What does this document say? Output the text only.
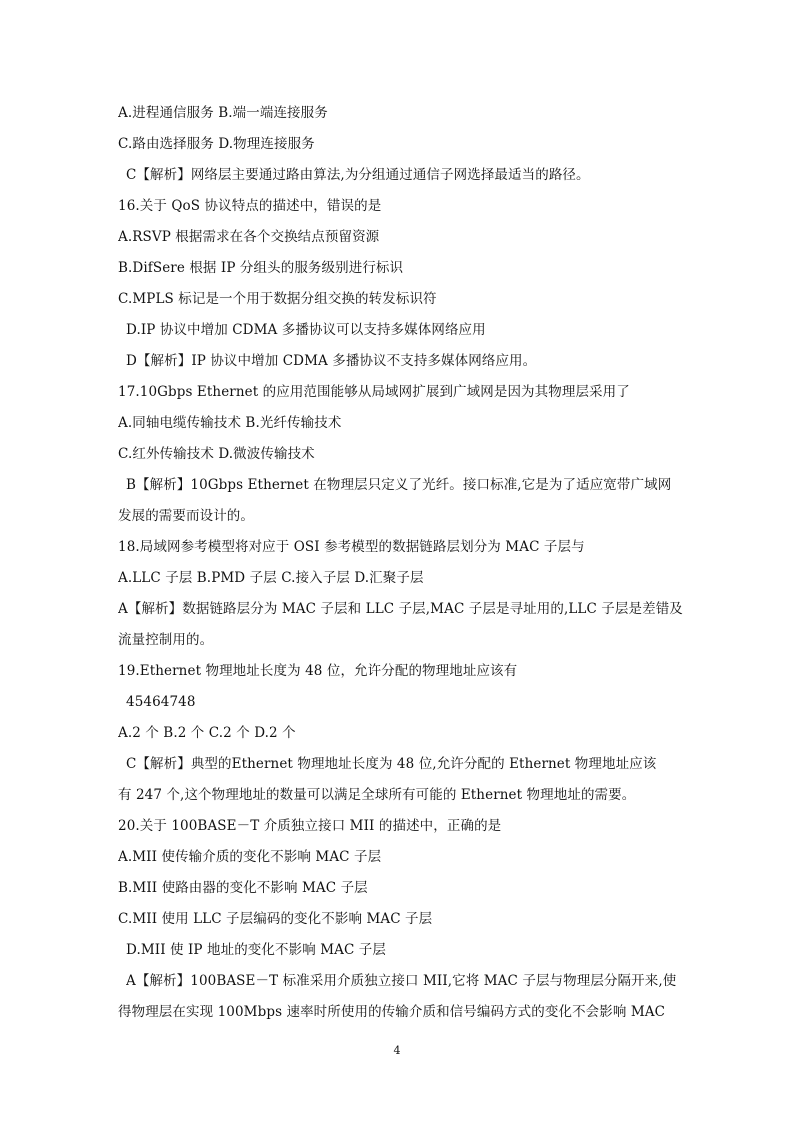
A.进程通信服务 B.端一端连接服务
C.路由选择服务 D.物理连接服务
C【解析】网络层主要通过路由算法,为分组通过通信子网选择最适当的路径。
16.关于 QoS 协议特点的描述中，错误的是
A.RSVP 根据需求在各个交换结点预留资源
B.DifSere 根据 IP 分组头的服务级别进行标识
C.MPLS 标记是一个用于数据分组交换的转发标识符
D.IP 协议中增加 CDMA 多播协议可以支持多媒体网络应用
D【解析】IP 协议中增加 CDMA 多播协议不支持多媒体网络应用。
17.10Gbps Ethernet 的应用范围能够从局域网扩展到广域网是因为其物理层采用了
A.同轴电缆传输技术 B.光纤传输技术
C.红外传输技术 D.微波传输技术
B【解析】10Gbps Ethernet 在物理层只定义了光纤。接口标准,它是为了适应宽带广域网
发展的需要而设计的。
18.局域网参考模型将对应于 OSI 参考模型的数据链路层划分为 MAC 子层与
A.LLC 子层 B.PMD 子层 C.接入子层 D.汇聚子层
A【解析】数据链路层分为 MAC 子层和 LLC 子层,MAC 子层是寻址用的,LLC 子层是差错及
流量控制用的。
19.Ethernet 物理地址长度为 48 位，允许分配的物理地址应该有
45464748
A.2 个 B.2 个 C.2 个 D.2 个
C【解析】典型的Ethernet 物理地址长度为 48 位,允许分配的 Ethernet 物理地址应该
有 247 个,这个物理地址的数量可以满足全球所有可能的 Ethernet 物理地址的需要。
20.关于 100BASE－T 介质独立接口 MII 的描述中，正确的是
A.MII 使传输介质的变化不影响 MAC 子层
B.MII 使路由器的变化不影响 MAC 子层
C.MII 使用 LLC 子层编码的变化不影响 MAC 子层
D.MII 使 IP 地址的变化不影响 MAC 子层
A【解析】100BASE－T 标准采用介质独立接口 MII,它将 MAC 子层与物理层分隔开来,使
得物理层在实现 100Mbps 速率时所使用的传输介质和信号编码方式的变化不会影响 MAC
4
